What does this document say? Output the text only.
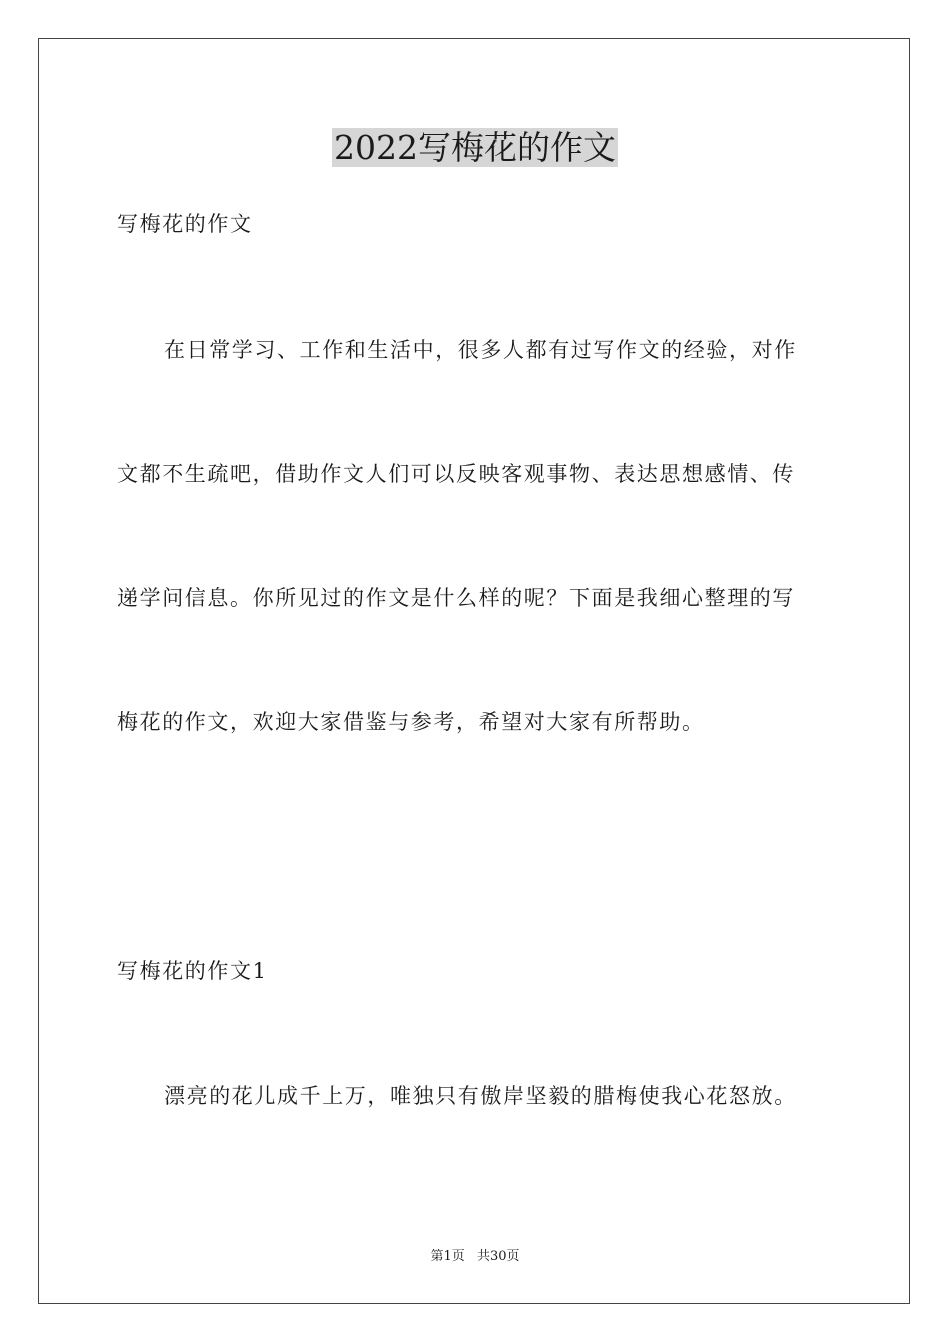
2022写梅花的作文
写梅花的作文
在日常学习、工作和生活中，很多人都有过写作文的经验，对作
文都不生疏吧，借助作文人们可以反映客观事物、表达思想感情、传
递学问信息。你所见过的作文是什么样的呢？下面是我细心整理的写
梅花的作文，欢迎大家借鉴与参考，希望对大家有所帮助。
写梅花的作文1
漂亮的花儿成千上万，唯独只有傲岸坚毅的腊梅使我心花怒放。
第1页 共30页
